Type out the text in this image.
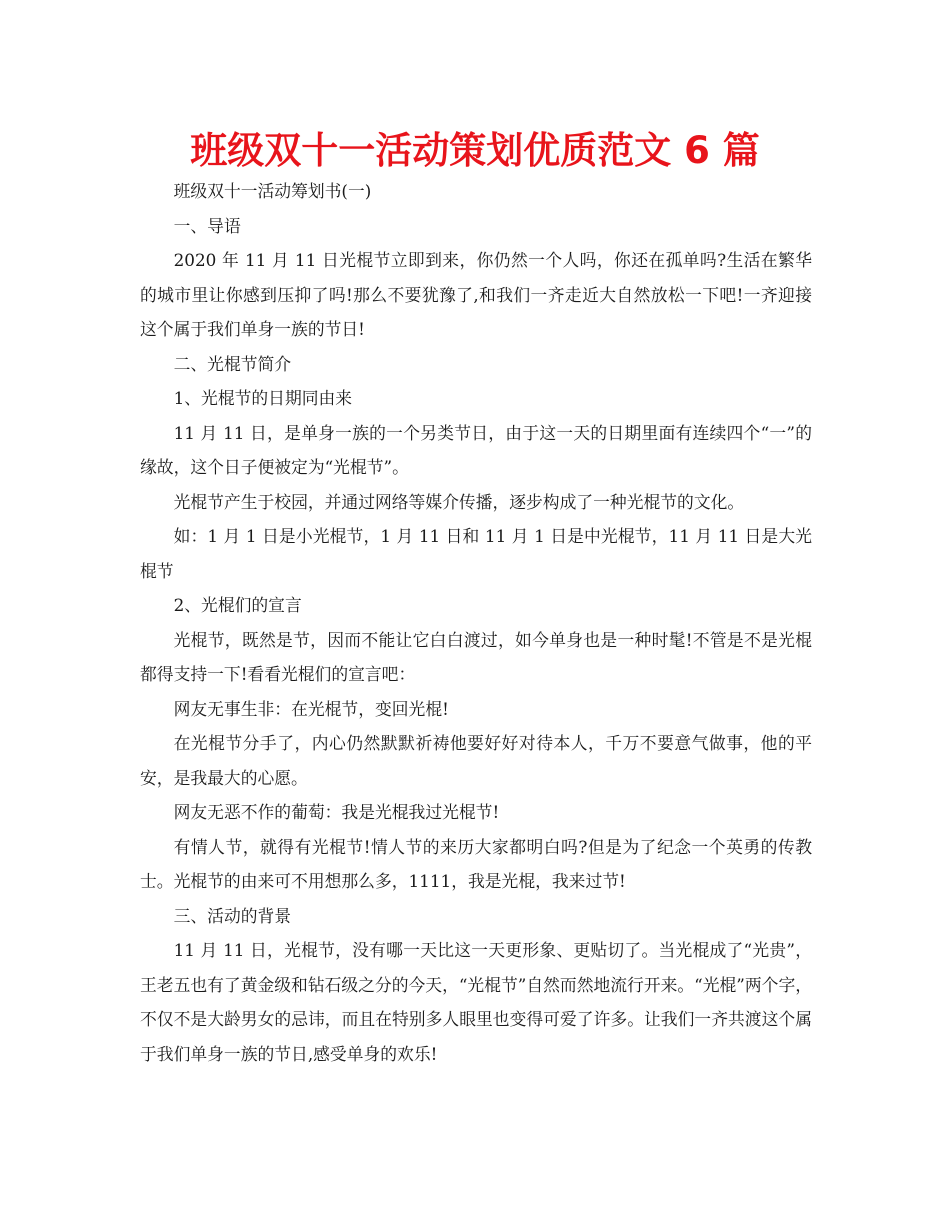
班级双十一活动策划优质范文 6 篇

班级双十一活动筹划书(一)

一、导语

2020 年 11 月 11 日光棍节立即到来，你仍然一个人吗，你还在孤单吗?生活在繁华的城市里让你感到压抑了吗!那么不要犹豫了,和我们一齐走近大自然放松一下吧!一齐迎接这个属于我们单身一族的节日!

二、光棍节简介

1、光棍节的日期同由来

11 月 11 日，是单身一族的一个另类节日，由于这一天的日期里面有连续四个“一”的缘故，这个日子便被定为“光棍节”。

光棍节产生于校园，并通过网络等媒介传播，逐步构成了一种光棍节的文化。

如：1 月 1 日是小光棍节，1 月 11 日和 11 月 1 日是中光棍节，11 月 11 日是大光棍节

2、光棍们的宣言

光棍节，既然是节，因而不能让它白白渡过，如今单身也是一种时髦!不管是不是光棍都得支持一下!看看光棍们的宣言吧：

网友无事生非：在光棍节，变回光棍!

在光棍节分手了，内心仍然默默祈祷他要好好对待本人，千万不要意气做事，他的平安，是我最大的心愿。

网友无恶不作的葡萄：我是光棍我过光棍节!

有情人节，就得有光棍节!情人节的来历大家都明白吗?但是为了纪念一个英勇的传教士。光棍节的由来可不用想那么多，1111，我是光棍，我来过节!

三、活动的背景

11 月 11 日，光棍节，没有哪一天比这一天更形象、更贴切了。当光棍成了“光贵”，王老五也有了黄金级和钻石级之分的今天，“光棍节”自然而然地流行开来。“光棍”两个字，不仅不是大龄男女的忌讳，而且在特别多人眼里也变得可爱了许多。让我们一齐共渡这个属于我们单身一族的节日,感受单身的欢乐!
